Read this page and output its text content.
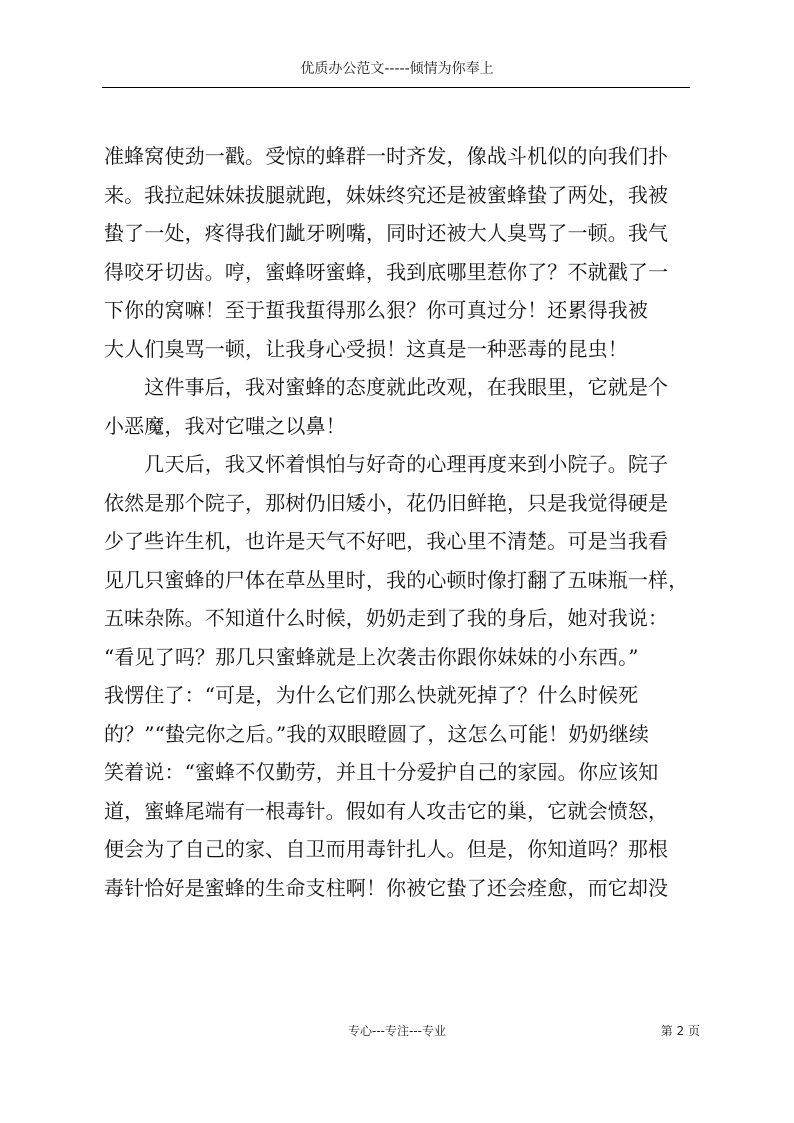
优质办公范文-----倾情为你奉上
准蜂窝使劲一戳。受惊的蜂群一时齐发，像战斗机似的向我们扑
来。我拉起妹妹拔腿就跑，妹妹终究还是被蜜蜂蛰了两处，我被
蛰了一处，疼得我们龇牙咧嘴，同时还被大人臭骂了一顿。我气
得咬牙切齿。哼，蜜蜂呀蜜蜂，我到底哪里惹你了？不就戳了一
下你的窝嘛！至于蜇我蜇得那么狠？你可真过分！还累得我被
大人们臭骂一顿，让我身心受损！这真是一种恶毒的昆虫！
　　这件事后，我对蜜蜂的态度就此改观，在我眼里，它就是个
小恶魔，我对它嗤之以鼻！
　　几天后，我又怀着惧怕与好奇的心理再度来到小院子。院子
依然是那个院子，那树仍旧矮小，花仍旧鲜艳，只是我觉得硬是
少了些许生机，也许是天气不好吧，我心里不清楚。可是当我看
见几只蜜蜂的尸体在草丛里时，我的心顿时像打翻了五味瓶一样，
五味杂陈。不知道什么时候，奶奶走到了我的身后，她对我说：
“看见了吗？那几只蜜蜂就是上次袭击你跟你妹妹的小东西。”
我愣住了：“可是，为什么它们那么快就死掉了？什么时候死
的？”“蛰完你之后。”我的双眼瞪圆了，这怎么可能！奶奶继续
笑着说：“蜜蜂不仅勤劳，并且十分爱护自己的家园。你应该知
道，蜜蜂尾端有一根毒针。假如有人攻击它的巢，它就会愤怒，
便会为了自己的家、自卫而用毒针扎人。但是，你知道吗？那根
毒针恰好是蜜蜂的生命支柱啊！你被它蛰了还会痊愈，而它却没
专心---专注---专业	第 2 页
